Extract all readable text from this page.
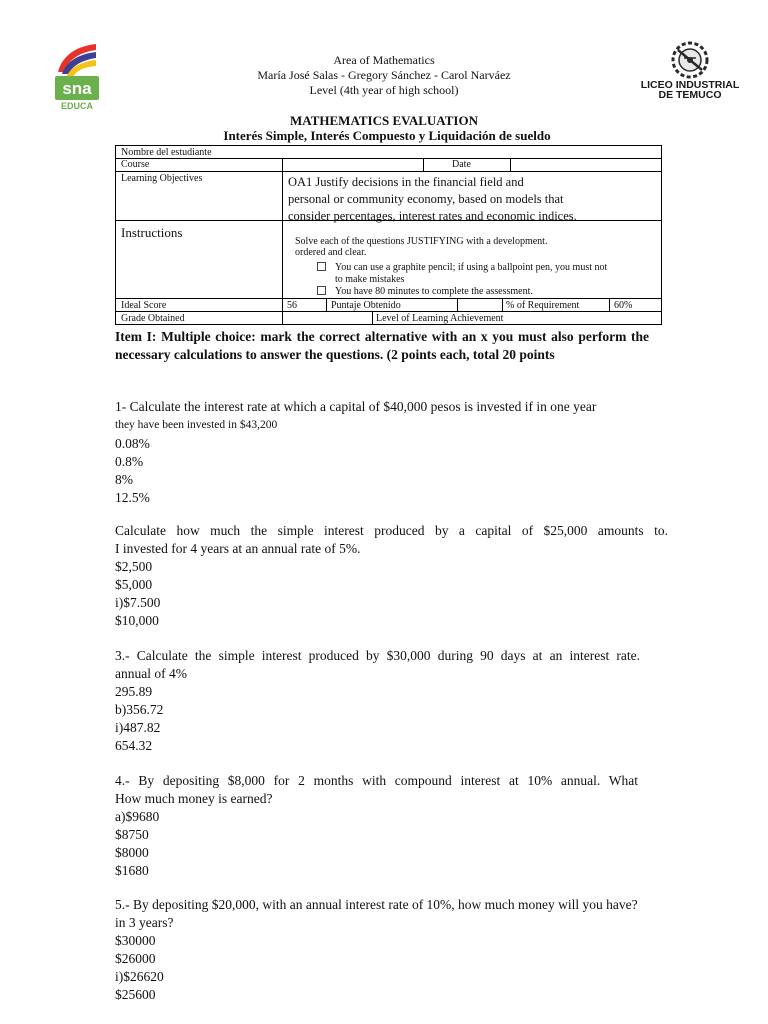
sna
EDUCA
Area of Mathematics
María José Salas - Gregory Sánchez - Carol Narváez
Level (4th year of high school)	LICEO INDUSTRIAL
DE TEMUCO
MATHEMATICS EVALUATION
Interés Simple, Interés Compuesto y Liquidación de sueldo
Nombre del estudiante
Course	Date
Learning Objectives	OA1 Justify decisions in the financial field and
personal or community economy, based on models that
consider percentages, interest rates and economic indices.
Instructions
Solve each of the questions JUSTIFYING with a development.
ordered and clear.
You can use a graphite pencil; if using a ballpoint pen, you must not
to make mistakes
You have 80 minutes to complete the assessment.
Ideal Score	56	Puntaje Obtenido	% of Requirement	60%
Grade Obtained	Level of Learning Achievement
Item I: Multiple choice: mark the correct alternative with an x you must also perform the necessary calculations to answer the questions. (2 points each, total 20 points
1- Calculate the interest rate at which a capital of $40,000 pesos is invested if in one year
they have been invested in $43,200
0.08%
0.8%
8%
12.5%
Calculate how much the simple interest produced by a capital of $25,000 amounts to.
I invested for 4 years at an annual rate of 5%.
$2,500
$5,000
i)$7.500
$10,000
3.- Calculate the simple interest produced by $30,000 during 90 days at an interest rate.
annual of 4%
295.89
b)356.72
i)487.82
654.32
4.- By depositing $8,000 for 2 months with compound interest at 10% annual. What
How much money is earned?
a)$9680
$8750
$8000
$1680
5.- By depositing $20,000, with an annual interest rate of 10%, how much money will you have?
in 3 years?
$30000
$26000
i)$26620
$25600
